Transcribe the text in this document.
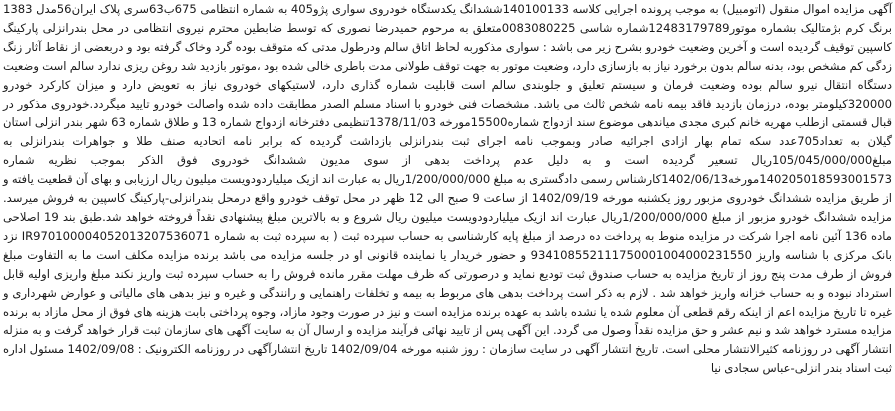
آگهی مزایده اموال منقول (اتومبیل) به موجب پرونده اجرایی کلاسه 140100133ششدانگ یکدستگاه خودروی سواری پژو405 به شماره انتظامی 675ب63سری پلاک ایران56مدل 1383 برنگ کرم بژمتالیک بشماره موتور12483179789شماره شاسی 0083080225متعلق به مرحوم حمیدرضا نصوری که توسط ضابطین محترم نیروی انتظامی در محل بندرانزلی پارکینگ کاسپین توقیف گردیده است و آخرین وضعیت خودرو بشرح زیر می باشد : سواری مذکوربه لحاظ اتاق سالم ودرطول مدتی که متوقف بوده گرد وخاک گرفته بود و دربعضی از نقاط آثار زنگ زدگی کم مشخص بود، بدنه سالم بدون برخورد نیاز به بازسازی دارد، وضعیت موتور به جهت توقف طولانی مدت باطری خالی شده بود ،موتور بازدید شد روغن ریزی ندارد سالم است وضعیت دستگاه انتقال نیرو سالم بوده وضعیت فرمان و سیستم تعلیق و جلوبندی سالم است قابلیت شماره گذاری دارد، لاستیکهای خودروی نیاز به تعویض دارد و میزان کارکرد خودرو 320000کیلومتر بوده، درزمان بازدید فاقد بیمه نامه شخص ثالث می باشد. مشخصات فنی خودرو با اسناد مسلم الصدر مطابقت داده شده واصالت خودرو تایید میگردد.خودروی مذکور در قبال قسمتی ازطلب مهریه خانم کبری مجدی میاندهی موضوع سند ازدواج شماره15500مورخه 1378/11/03تنظیمی دفترخانه ازدواج شماره 13 و طلاق شماره 63 شهر بندر انزلی استان گیلان به تعداد705عدد سکه تمام بهار ازادی اجرائیه صادر وبموجب نامه اجرای ثبت بندرانزلی بازداشت گردیده که برابر نامه اتحادیه صنف طلا و جواهرات بندرانزلی به مبلغ105/045/000/000ریال تسعیر گردیده است و به دلیل عدم پرداخت بدهی از سوی مدیون ششدانگ خودروی فوق الذکر بموجب نظریه شماره 140205018593001573مورخه1402/06/13کارشناس رسمی دادگستری به مبلغ 1/200/000/000ریال به عبارت اند ازیک میلیاردودویست میلیون ریال ارزیابی و بهای آن قطعیت یافته و از طریق مزایده ششدانگ خودروی مزبور روز یکشنبه مورخه 1402/09/19 از ساعت 9 صبح الی 12 ظهر در محل توقف خودرو واقع درمحل بندرانزلی-پارکینگ کاسپین به فروش میرسد. مزایده ششدانگ خودرو مزبور از مبلغ 1/200/000/000ریال عبارت اند ازیک میلیاردودویست میلیون ریال شروع و به بالاترین مبلغ پیشنهادی نقداً فروخته خواهد شد.طبق بند 19 اصلاحی ماده 136 آئین نامه اجرا شرکت در مزایده منوط به پرداخت ده درصد از مبلغ پایه کارشناسی به حساب سپرده ثبت ( به سپرده ثبت به شماره IR970100004052013207536071 نزد بانک مرکزی با شناسه واریز 934108552111750001004000231550 و حضور خریدار یا نماینده قانونی او در جلسه مزایده می باشد برنده مزایده مکلف است ما به التفاوت مبلغ فروش از طرف مدت پنج روز از تاریخ مزایده به حساب صندوق ثبت تودیع نماید و درصورتی که ظرف مهلت مقرر مانده فروش را به حساب سپرده ثبت واریز نکند مبلغ واریزی اولیه قابل استرداد نبوده و به حساب خزانه واریز خواهد شد . لازم به ذکر است پرداخت بدهی های مربوط به بیمه و تخلفات راهنمایی و رانندگی و غیره و نیز بدهی های مالیاتی و عوارض شهرداری و غیره تا تاریخ مزایده اعم از اینکه رقم قطعی آن معلوم شده یا نشده باشد به عهده برنده مزایده است و نیز در صورت وجود مازاد، وجوه پرداختی بابت هزینه های فوق از محل مازاد به برنده مزایده مسترد خواهد شد و نیم عشر و حق مزایده نقداً وصول می گردد. این آگهی پس از تایید نهائی فرآیند مزایده و ارسال آن به سایت آگهی های سازمان ثبت قرار خواهد گرفت و به منزله انتشار آگهی در روزنامه کثیرالانتشار محلی است. تاریخ انتشار آگهی در سایت سازمان : روز شنبه مورخه 1402/09/04 تاریخ انتشارآگهی در روزنامه الکترونیک : 1402/09/08 مسئول اداره ثبت اسناد بندر انزلی-عباس سجادی نیا
